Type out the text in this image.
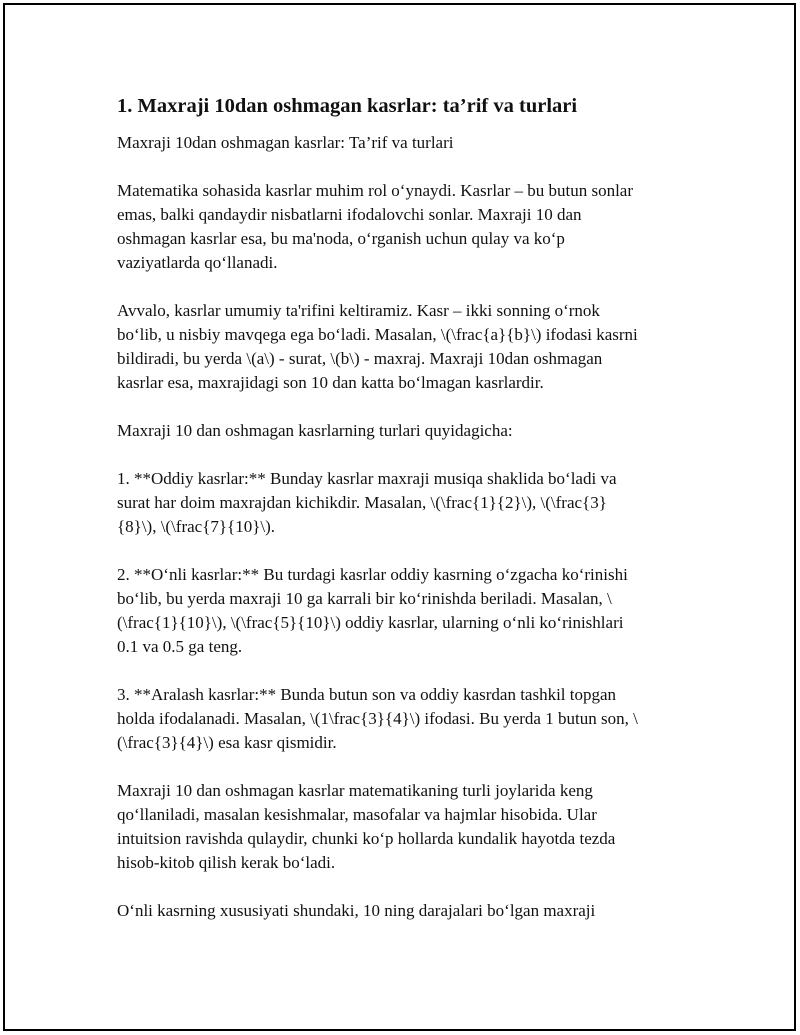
1. Maxraji 10dan oshmagan kasrlar: ta’rif va turlari
Maxraji 10dan oshmagan kasrlar: Ta’rif va turlari
Matematika sohasida kasrlar muhim rol o‘ynaydi. Kasrlar – bu butun sonlar
emas, balki qandaydir nisbatlarni ifodalovchi sonlar. Maxraji 10 dan
oshmagan kasrlar esa, bu ma'noda, o‘rganish uchun qulay va ko‘p
vaziyatlarda qo‘llanadi.
Avvalo, kasrlar umumiy ta'rifini keltiramiz. Kasr – ikki sonning o‘rnok
bo‘lib, u nisbiy mavqega ega bo‘ladi. Masalan, \(\frac{a}{b}\) ifodasi kasrni
bildiradi, bu yerda \(a\) - surat, \(b\) - maxraj. Maxraji 10dan oshmagan
kasrlar esa, maxrajidagi son 10 dan katta bo‘lmagan kasrlardir.
Maxraji 10 dan oshmagan kasrlarning turlari quyidagicha:
1. **Oddiy kasrlar:** Bunday kasrlar maxraji musiqa shaklida bo‘ladi va
surat har doim maxrajdan kichikdir. Masalan, \(\frac{1}{2}\), \(\frac{3}
{8}\), \(\frac{7}{10}\).
2. **O‘nli kasrlar:** Bu turdagi kasrlar oddiy kasrning o‘zgacha ko‘rinishi
bo‘lib, bu yerda maxraji 10 ga karrali bir ko‘rinishda beriladi. Masalan, \
(\frac{1}{10}\), \(\frac{5}{10}\) oddiy kasrlar, ularning o‘nli ko‘rinishlari
0.1 va 0.5 ga teng.
3. **Aralash kasrlar:** Bunda butun son va oddiy kasrdan tashkil topgan
holda ifodalanadi. Masalan, \(1\frac{3}{4}\) ifodasi. Bu yerda 1 butun son, \
(\frac{3}{4}\) esa kasr qismidir.
Maxraji 10 dan oshmagan kasrlar matematikaning turli joylarida keng
qo‘llaniladi, masalan kesishmalar, masofalar va hajmlar hisobida. Ular
intuitsion ravishda qulaydir, chunki ko‘p hollarda kundalik hayotda tezda
hisob-kitob qilish kerak bo‘ladi.
O‘nli kasrning xususiyati shundaki, 10 ning darajalari bo‘lgan maxraji
